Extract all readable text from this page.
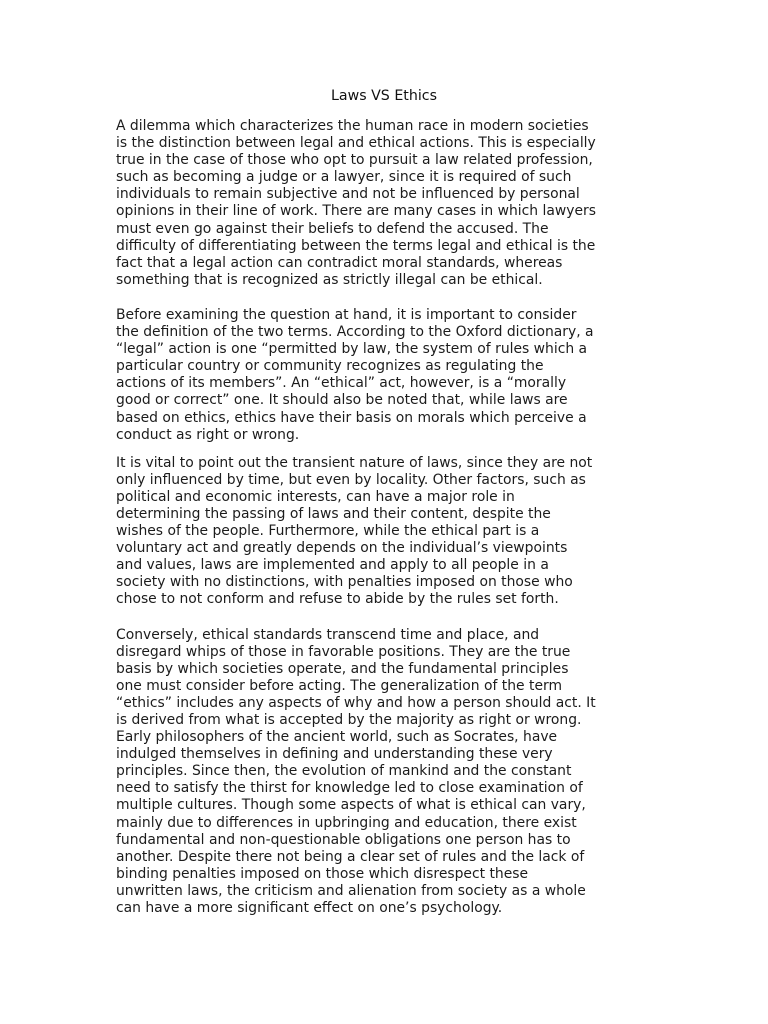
Laws VS Ethics

A dilemma which characterizes the human race in modern societies
is the distinction between legal and ethical actions. This is especially
true in the case of those who opt to pursuit a law related profession,
such as becoming a judge or a lawyer, since it is required of such
individuals to remain subjective and not be influenced by personal
opinions in their line of work. There are many cases in which lawyers
must even go against their beliefs to defend the accused. The
difficulty of differentiating between the terms legal and ethical is the
fact that a legal action can contradict moral standards, whereas
something that is recognized as strictly illegal can be ethical.

Before examining the question at hand, it is important to consider
the definition of the two terms. According to the Oxford dictionary, a
“legal” action is one “permitted by law, the system of rules which a
particular country or community recognizes as regulating the
actions of its members”. An “ethical” act, however, is a “morally
good or correct” one. It should also be noted that, while laws are
based on ethics, ethics have their basis on morals which perceive a
conduct as right or wrong.

It is vital to point out the transient nature of laws, since they are not
only influenced by time, but even by locality. Other factors, such as
political and economic interests, can have a major role in
determining the passing of laws and their content, despite the
wishes of the people. Furthermore, while the ethical part is a
voluntary act and greatly depends on the individual’s viewpoints
and values, laws are implemented and apply to all people in a
society with no distinctions, with penalties imposed on those who
chose to not conform and refuse to abide by the rules set forth.

Conversely, ethical standards transcend time and place, and
disregard whips of those in favorable positions. They are the true
basis by which societies operate, and the fundamental principles
one must consider before acting. The generalization of the term
“ethics” includes any aspects of why and how a person should act. It
is derived from what is accepted by the majority as right or wrong.
Early philosophers of the ancient world, such as Socrates, have
indulged themselves in defining and understanding these very
principles. Since then, the evolution of mankind and the constant
need to satisfy the thirst for knowledge led to close examination of
multiple cultures. Though some aspects of what is ethical can vary,
mainly due to differences in upbringing and education, there exist
fundamental and non-questionable obligations one person has to
another. Despite there not being a clear set of rules and the lack of
binding penalties imposed on those which disrespect these
unwritten laws, the criticism and alienation from society as a whole
can have a more significant effect on one’s psychology.
